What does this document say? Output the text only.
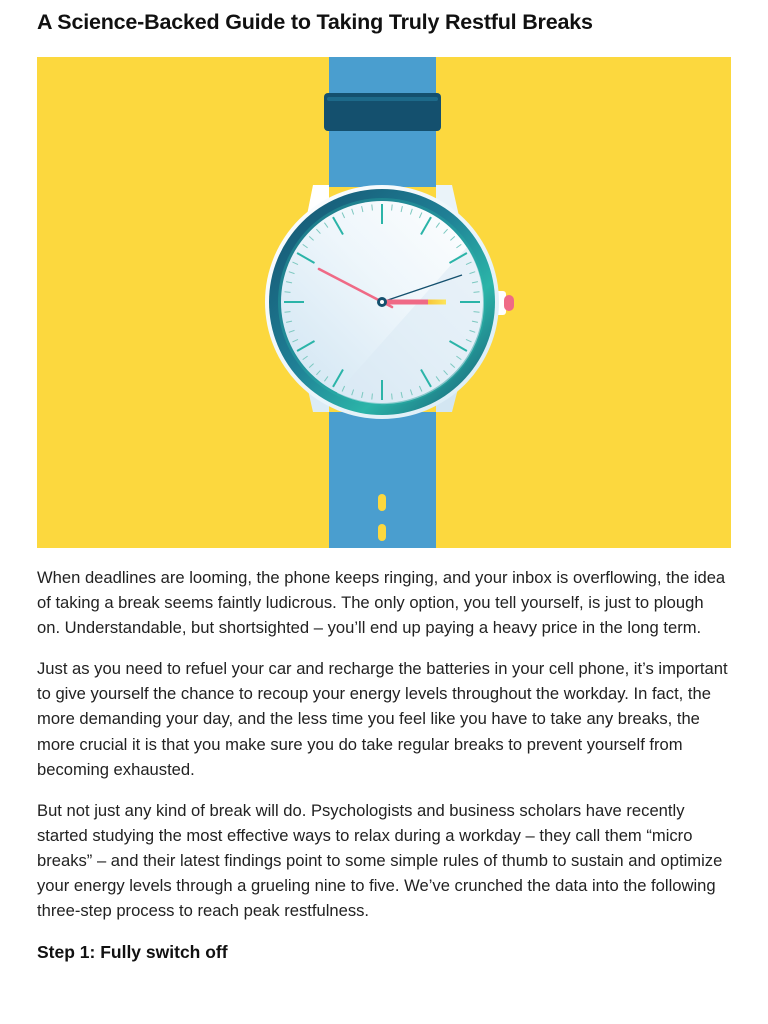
A Science-Backed Guide to Taking Truly Restful Breaks

When deadlines are looming, the phone keeps ringing, and your inbox is overflowing, the idea of taking a break seems faintly ludicrous. The only option, you tell yourself, is just to plough on. Understandable, but shortsighted – you’ll end up paying a heavy price in the long term.

Just as you need to refuel your car and recharge the batteries in your cell phone, it’s important to give yourself the chance to recoup your energy levels throughout the workday. In fact, the more demanding your day, and the less time you feel like you have to take any breaks, the more crucial it is that you make sure you do take regular breaks to prevent yourself from becoming exhausted.

But not just any kind of break will do. Psychologists and business scholars have recently started studying the most effective ways to relax during a workday – they call them “micro breaks” – and their latest findings point to some simple rules of thumb to sustain and optimize your energy levels through a grueling nine to five. We’ve crunched the data into the following three-step process to reach peak restfulness.

Step 1: Fully switch off
